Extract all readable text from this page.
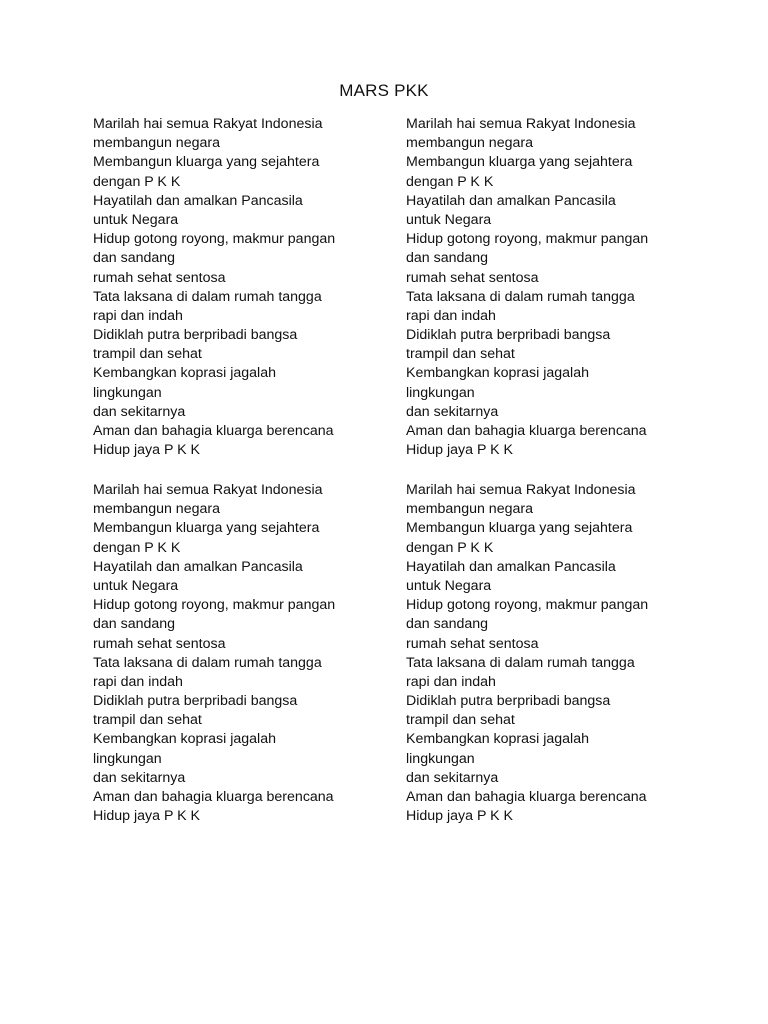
MARS PKK
Marilah hai semua Rakyat Indonesia
membangun negara
Membangun kluarga yang sejahtera
dengan P K K
Hayatilah dan amalkan Pancasila
untuk Negara
Hidup gotong royong, makmur pangan
dan sandang
rumah sehat sentosa
Tata laksana di dalam rumah tangga
rapi dan indah
Didiklah putra berpribadi bangsa
trampil dan sehat
Kembangkan koprasi jagalah
lingkungan
dan sekitarnya
Aman dan bahagia kluarga berencana
Hidup jaya P K K
Marilah hai semua Rakyat Indonesia
membangun negara
Membangun kluarga yang sejahtera
dengan P K K
Hayatilah dan amalkan Pancasila
untuk Negara
Hidup gotong royong, makmur pangan
dan sandang
rumah sehat sentosa
Tata laksana di dalam rumah tangga
rapi dan indah
Didiklah putra berpribadi bangsa
trampil dan sehat
Kembangkan koprasi jagalah
lingkungan
dan sekitarnya
Aman dan bahagia kluarga berencana
Hidup jaya P K K
Marilah hai semua Rakyat Indonesia
membangun negara
Membangun kluarga yang sejahtera
dengan P K K
Hayatilah dan amalkan Pancasila
untuk Negara
Hidup gotong royong, makmur pangan
dan sandang
rumah sehat sentosa
Tata laksana di dalam rumah tangga
rapi dan indah
Didiklah putra berpribadi bangsa
trampil dan sehat
Kembangkan koprasi jagalah
lingkungan
dan sekitarnya
Aman dan bahagia kluarga berencana
Hidup jaya P K K
Marilah hai semua Rakyat Indonesia
membangun negara
Membangun kluarga yang sejahtera
dengan P K K
Hayatilah dan amalkan Pancasila
untuk Negara
Hidup gotong royong, makmur pangan
dan sandang
rumah sehat sentosa
Tata laksana di dalam rumah tangga
rapi dan indah
Didiklah putra berpribadi bangsa
trampil dan sehat
Kembangkan koprasi jagalah
lingkungan
dan sekitarnya
Aman dan bahagia kluarga berencana
Hidup jaya P K K
